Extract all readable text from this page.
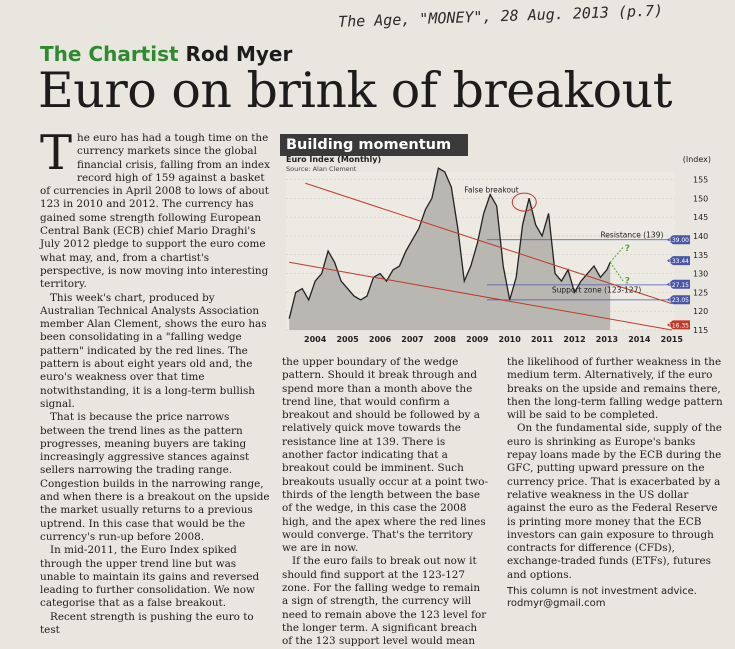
The Age, "MONEY", 28 Aug. 2013 (p.7)
The Chartist Rod Myer
Euro on brink of breakout
T he euro has had a tough time on the currency markets since the global financial crisis, falling from an index record high of 159 against a basket of currencies in April 2008 to lows of about 123 in 2010 and 2012. The currency has gained some strength following European Central Bank (ECB) chief Mario Draghi's July 2012 pledge to support the euro come what may, and, from a chartist's perspective, is now moving into interesting territory.

This week's chart, produced by Australian Technical Analysts Association member Alan Clement, shows the euro has been consolidating in a "falling wedge pattern" indicated by the red lines. The pattern is about eight years old and, the euro's weakness over that time notwithstanding, it is a long-term bullish signal.

That is because the price narrows between the trend lines as the pattern progresses, meaning buyers are taking increasingly aggressive stances against sellers narrowing the trading range. Congestion builds in the narrowing range, and when there is a breakout on the upside the market usually returns to a previous uptrend. In this case that would be the currency's run-up before 2008.

In mid-2011, the Euro Index spiked through the upper trend line but was unable to maintain its gains and reversed leading to further consolidation. We now categorise that as a false breakout.

Recent strength is pushing the euro to test

Building momentum
Euro Index (Monthly)
Source: Alan Clement
(Index)
115
120
125
130
135
140
145
150
155
2004 2005 2006 2007 2008 2009 2010 2011 2012 2013 2014 2015
False breakout
Resistance (139)
Support zone (123-127)
?
?
139.00
133.44
127.15
123.05
116.35

the upper boundary of the wedge pattern. Should it break through and spend more than a month above the trend line, that would confirm a breakout and should be followed by a relatively quick move towards the resistance line at 139. There is another factor indicating that a breakout could be imminent. Such breakouts usually occur at a point two-thirds of the length between the base of the wedge, in this case the 2008 high, and the apex where the red lines would converge. That's the territory we are in now.

If the euro fails to break out now it should find support at the 123-127 zone. For the falling wedge to remain a sign of strength, the currency will need to remain above the 123 level for the longer term. A significant breach of the 123 support level would mean

the likelihood of further weakness in the medium term. Alternatively, if the euro breaks on the upside and remains there, then the long-term falling wedge pattern will be said to be completed.

On the fundamental side, supply of the euro is shrinking as Europe's banks repay loans made by the ECB during the GFC, putting upward pressure on the currency price. That is exacerbated by a relative weakness in the US dollar against the euro as the Federal Reserve is printing more money that the ECB investors can gain exposure to through contracts for difference (CFDs), exchange-traded funds (ETFs), futures and options.

This column is not investment advice.
rodmyr@gmail.com
